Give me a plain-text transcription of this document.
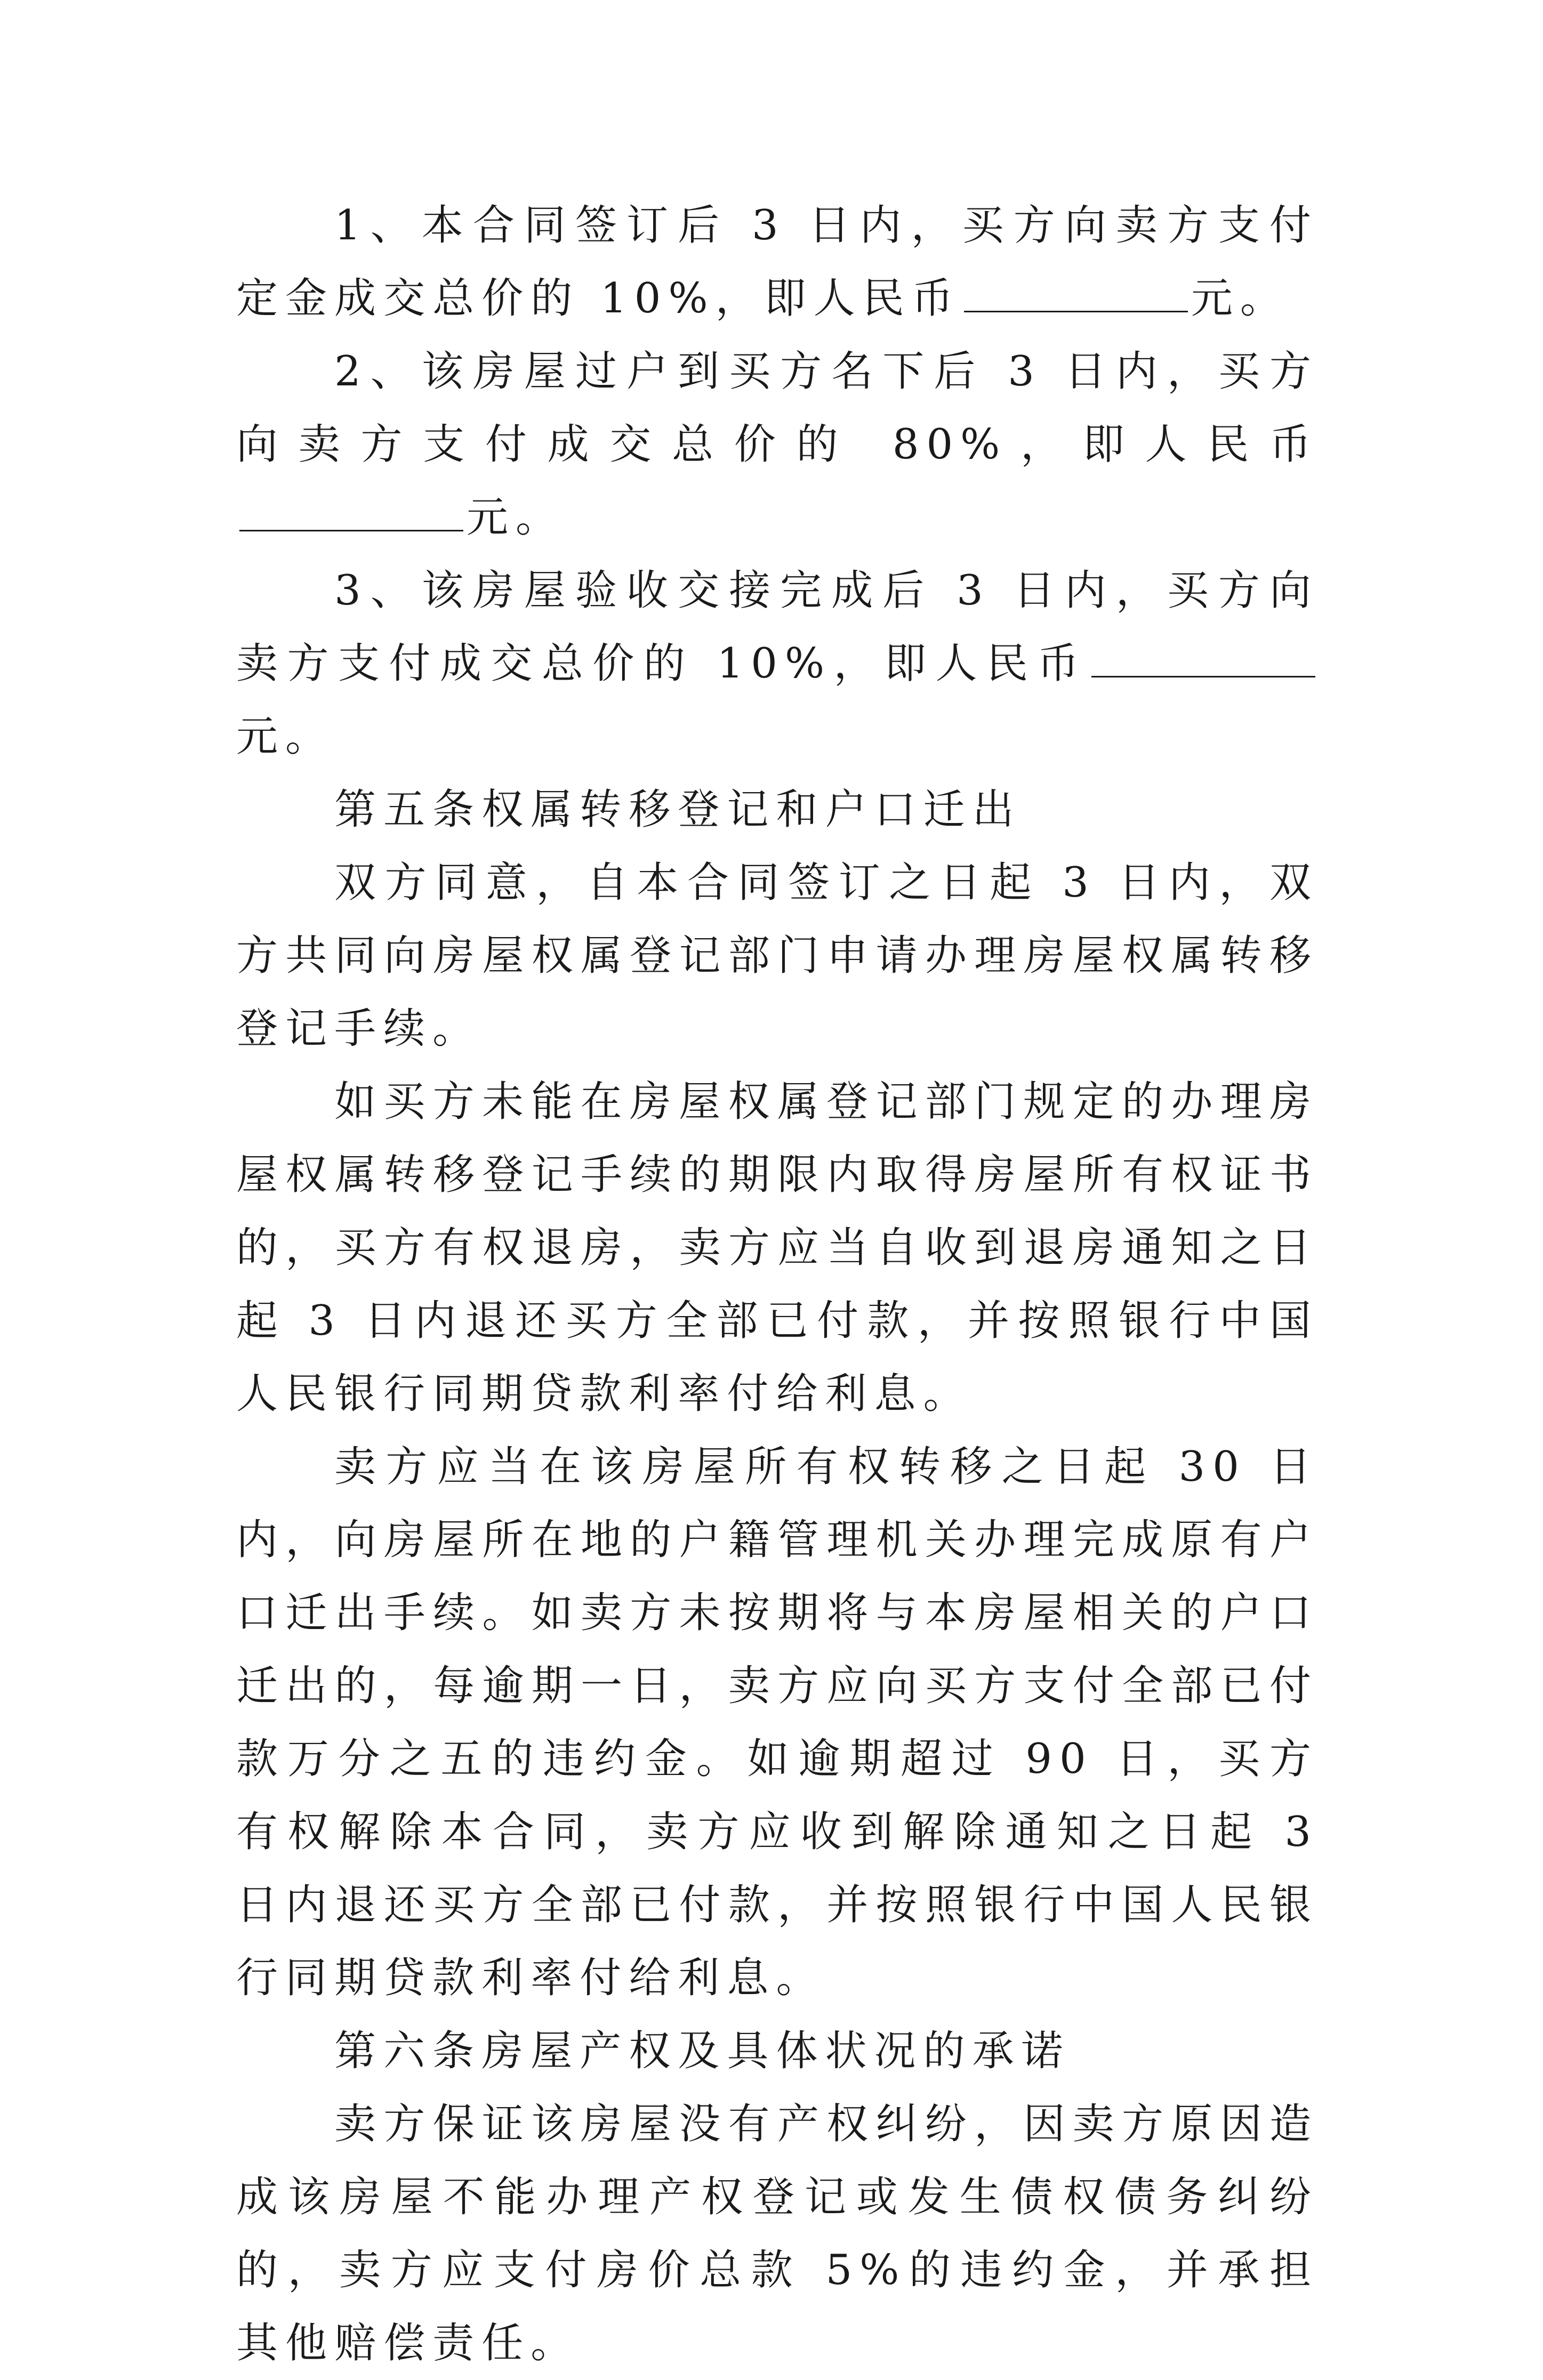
1、本合同签订后 3 日内，买方向卖方支付定金成交总价的 10%，即人民币	元。

2、该房屋过户到买方名下后 3 日内，买方向卖方支付成交总价的 80%，即人民币元。

3、该房屋验收交接完成后 3 日内，买方向卖方支付成交总价的 10%，即人民币元。

第五条权属转移登记和户口迁出

双方同意，自本合同签订之日起 3 日内，双方共同向房屋权属登记部门申请办理房屋权属转移登记手续。

如买方未能在房屋权属登记部门规定的办理房屋权属转移登记手续的期限内取得房屋所有权证书的，买方有权退房，卖方应当自收到退房通知之日起 3 日内退还买方全部已付款，并按照银行中国人民银行同期贷款利率付给利息。

卖方应当在该房屋所有权转移之日起 30 日内，向房屋所在地的户籍管理机关办理完成原有户口迁出手续。如卖方未按期将与本房屋相关的户口迁出的，每逾期一日，卖方应向买方支付全部已付款万分之五的违约金。如逾期超过 90 日，买方有权解除本合同，卖方应收到解除通知之日起 3 日内退还买方全部已付款，并按照银行中国人民银行同期贷款利率付给利息。

第六条房屋产权及具体状况的承诺

卖方保证该房屋没有产权纠纷，因卖方原因造成该房屋不能办理产权登记或发生债权债务纠纷的，卖方应支付房价总款 5%的违约金，并承担其他赔偿责任。
